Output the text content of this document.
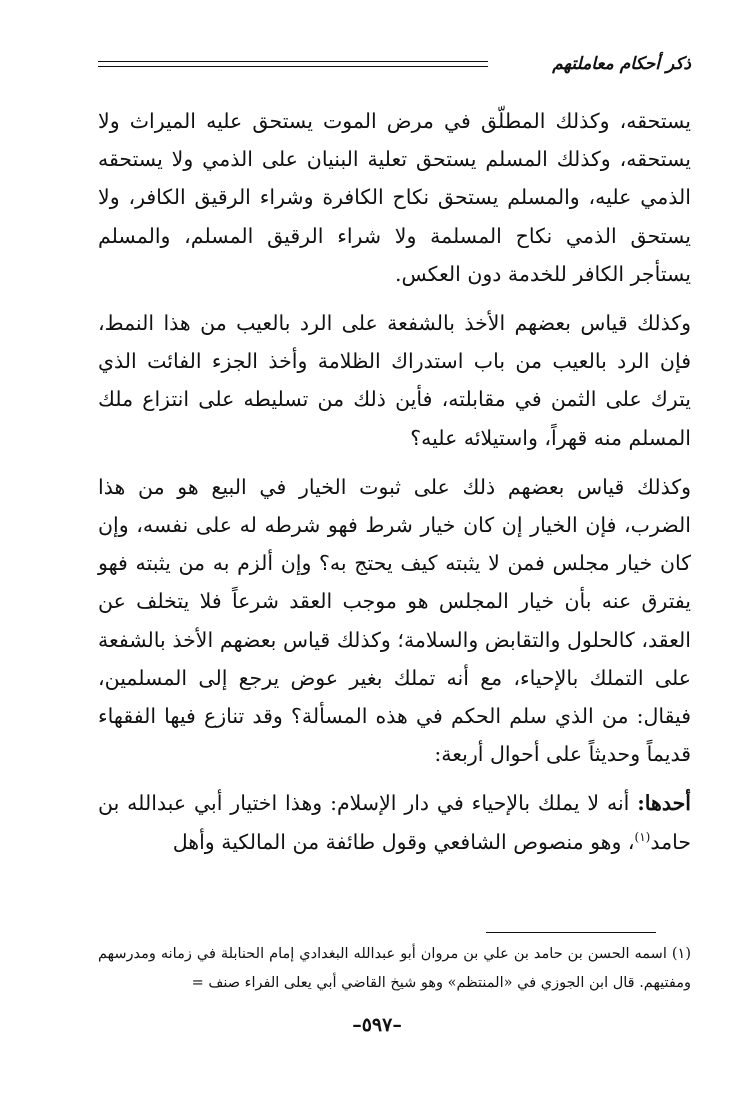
ذكر أحكام معاملتهم

يستحقه، وكذلك المطلّق في مرض الموت يستحق عليه الميراث ولا يستحقه، وكذلك المسلم يستحق تعلية البنيان على الذمي ولا يستحقه الذمي عليه، والمسلم يستحق نكاح الكافرة وشراء الرقيق الكافر، ولا يستحق الذمي نكاح المسلمة ولا شراء الرقيق المسلم، والمسلم يستأجر الكافر للخدمة دون العكس.

وكذلك قياس بعضهم الأخذ بالشفعة على الرد بالعيب من هذا النمط، فإن الرد بالعيب من باب استدراك الظلامة وأخذ الجزء الفائت الذي يترك على الثمن في مقابلته، فأين ذلك من تسليطه على انتزاع ملك المسلم منه قهراً، واستيلائه عليه؟

وكذلك قياس بعضهم ذلك على ثبوت الخيار في البيع هو من هذا الضرب، فإن الخيار إن كان خيار شرط فهو شرطه له على نفسه، وإن كان خيار مجلس فمن لا يثبته كيف يحتج به؟ وإن ألزم به من يثبته فهو يفترق عنه بأن خيار المجلس هو موجب العقد شرعاً فلا يتخلف عن العقد، كالحلول والتقابض والسلامة؛ وكذلك قياس بعضهم الأخذ بالشفعة على التملك بالإحياء، مع أنه تملك بغير عوض يرجع إلى المسلمين، فيقال: من الذي سلم الحكم في هذه المسألة؟ وقد تنازع فيها الفقهاء قديماً وحديثاً على أحوال أربعة:

أحدها: أنه لا يملك بالإحياء في دار الإسلام: وهذا اختيار أبي عبدالله بن حامد$^{(١)}$، وهو منصوص الشافعي وقول طائفة من المالكية وأهل

(١) اسمه الحسن بن حامد بن علي بن مروان أبو عبدالله البغدادي إمام الحنابلة في زمانه ومدرسهم ومفتيهم. قال ابن الجوزي في «المنتظم» وهو شيخ القاضي أبي يعلى الفراء صنف =

–٥٩٧–
